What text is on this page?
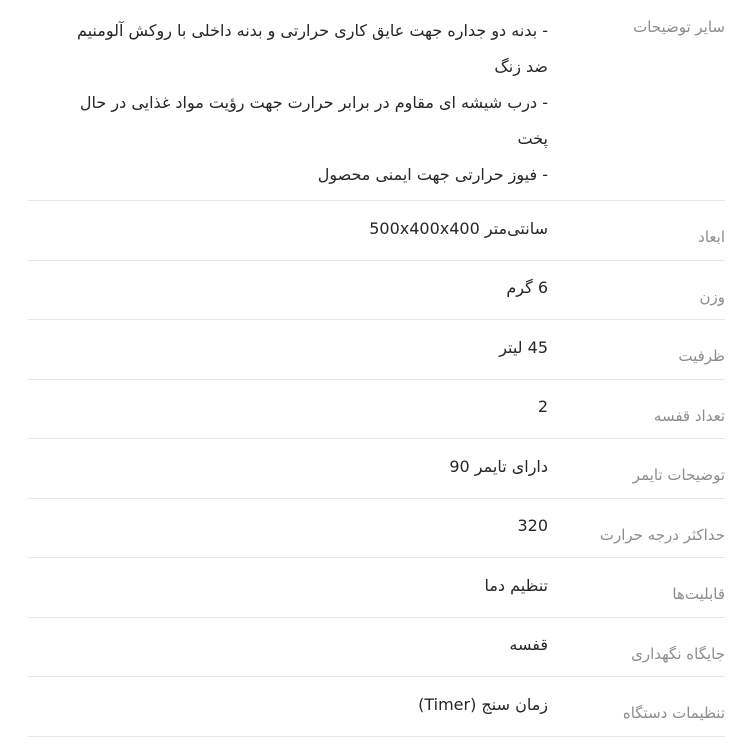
سایر توضیحات
- بدنه دو جداره جهت عایق کاری حرارتی و بدنه داخلی با روکش آلومنیم
ضد زنگ
- درب شیشه ای مقاوم در برابر حرارت جهت رؤیت مواد غذایی در حال
پخت
- فیوز حرارتی جهت ایمنی محصول
ابعاد
سانتی‌متر 500x400x400
وزن
6 گرم
ظرفیت
45 لیتر
تعداد قفسه
2
توضیحات تایمر
دارای تایمر 90
حداکثر درجه حرارت
320
قابلیت‌ها
تنظیم دما
جایگاه نگهداری
قفسه
تنظیمات دستگاه
زمان سنج (Timer)
